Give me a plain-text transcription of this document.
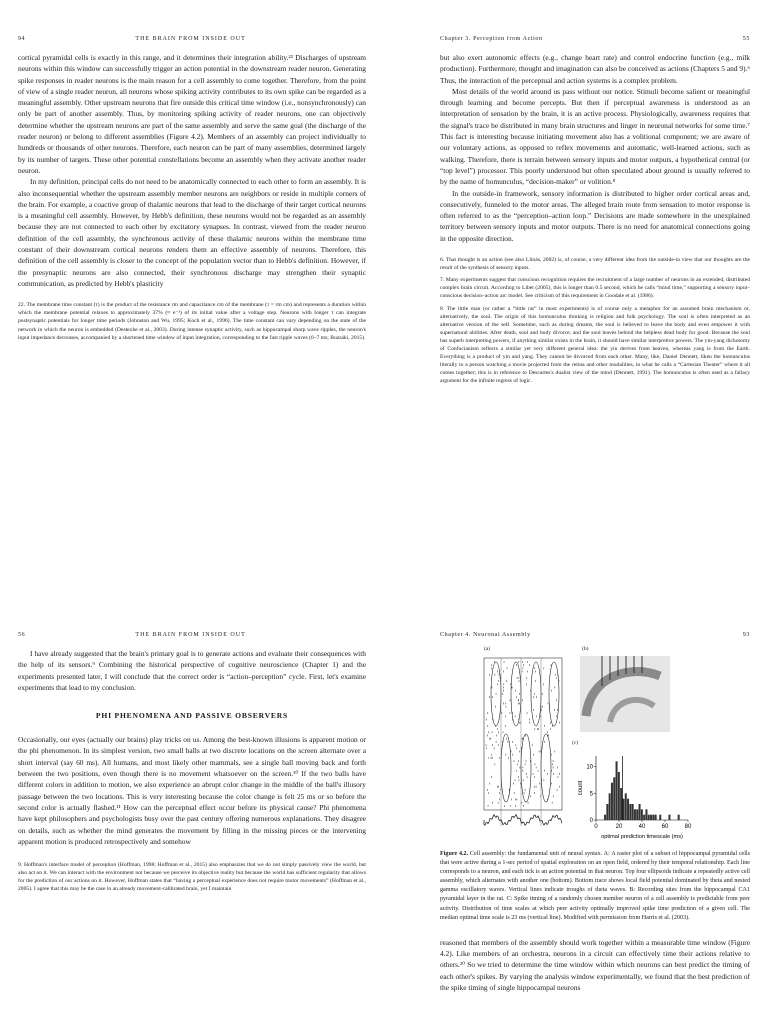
94	THE BRAIN FROM INSIDE OUT

cortical pyramidal cells is exactly in this range, and it determines their integration ability.²² Discharges of upstream neurons within this window can successfully trigger an action potential in the downstream reader neuron. Generating spike responses in reader neurons is the main reason for a cell assembly to come together. Therefore, from the point of view of a single reader neuron, all neurons whose spiking activity contributes to its own spike can be regarded as a meaningful assembly. Other upstream neurons that fire outside this critical time window (i.e., nonsynchronously) can only be part of another assembly. Thus, by monitoring spiking activity of reader neurons, one can objectively determine whether the upstream neurons are part of the same assembly and serve the same goal (the discharge of the reader neuron) or belong to different assemblies (Figure 4.2). Members of an assembly can project individually to hundreds or thousands of other neurons. Therefore, each neuron can be part of many assemblies, determined largely by its number of targets. These other potential constellations become an assembly when they activate another reader neuron.

In my definition, principal cells do not need to be anatomically connected to each other to form an assembly. It is also inconsequential whether the upstream assembly member neurons are neighbors or reside in multiple corners of the brain. For example, a coactive group of thalamic neurons that lead to the discharge of their target cortical neurons is a meaningful cell assembly. However, by Hebb's definition, these neurons would not be regarded as an assembly because they are not connected to each other by excitatory synapses. In contrast, viewed from the reader neuron definition of the cell assembly, the synchronous activity of these thalamic neurons within the membrane time constant of their downstream cortical neurons renders them an effective assembly of neurons. Therefore, this definition of the cell assembly is closer to the concept of the population vector than to Hebb's definition. However, if the presynaptic neurons are also connected, their synchronous discharge may strengthen their synaptic communication, as predicted by Hebb's plasticity

22. The membrane time constant (τ) is the product of the resistance rm and capacitance cm of the membrane (τ = rm cm) and represents a duration within which the membrane potential relaxes to approximately 37% (≈ e⁻¹) of its initial value after a voltage step. Neurons with longer τ can integrate postsynaptic potentials for longer time periods (Johnston and Wu, 1995; Koch et al., 1996). The time constant can vary depending on the state of the network in which the neuron is embedded (Destexhe et al., 2003). During intense synaptic activity, such as hippocampal sharp wave ripples, the neuron's input impedance decreases, accompanied by a shortened time window of input integration, corresponding to the fast ripple waves (6–7 ms; Buzsáki, 2015).

Chapter 3. Perception from Action	55

but also exert autonomic effects (e.g., change heart rate) and control endocrine function (e.g., milk production). Furthermore, thought and imagination can also be conceived as actions (Chapters 5 and 9).⁶ Thus, the interaction of the perceptual and action systems is a complex problem.

Most details of the world around us pass without our notice. Stimuli become salient or meaningful through learning and become percepts. But then if perceptual awareness is understood as an interpretation of sensation by the brain, it is an active process. Physiologically, awareness requires that the signal's trace be distributed in many brain structures and linger in neuronal networks for some time.⁷ This fact is interesting because initiating movement also has a volitional component; we are aware of our voluntary actions, as opposed to reflex movements and automatic, well-learned actions, such as walking. Therefore, there is terrain between sensory inputs and motor outputs, a hypothetical central (or “top level”) processor. This poorly understood but often speculated about ground is usually referred to by the name of homunculus, “decision-maker” or volition.⁸

In the outside-in framework, sensory information is distributed to higher order cortical areas and, consecutively, funneled to the motor areas. The alleged brain route from sensation to motor response is often referred to as the “perception–action loop.” Decisions are made somewhere in the unexplained territory between sensory inputs and motor outputs. There is no need for anatomical connections going in the opposite direction.

6. That thought is an action (see also Llinás, 2002) is, of course, a very different idea from the outside-in view that our thoughts are the result of the synthesis of sensory inputs.

7. Many experiments suggest that conscious recognition requires the recruitment of a large number of neurons in an extended, distributed complex brain circuit. According to Libet (2005), this is longer than 0.5 second, which he calls “mind time,” supporting a sensory input–conscious decision–action arc model. See criticism of this requirement in Goodale et al. (1986).

8. The little man (or rather a “little rat” in most experiments) is of course only a metaphor for an assumed brain mechanism or, alternatively, the soul. The origin of this homunculus thinking is religion and folk psychology. The soul is often interpreted as an alternative version of the self. Sometime, such as during dreams, the soul is believed to leave the body and even empower it with supernatural abilities. After death, soul and body divorce, and the soul leaves behind the helpless dead body for good. Because the soul has superb interpreting powers, if anything similar exists in the brain, it should have similar interpretive powers. The yin-yang dichotomy of Confucianism reflects a similar yet very different general idea: the yin derives from heaven, whereas yang is from the Earth. Everything is a product of yin and yang. They cannot be divorced from each other. Many, like, Daniel Dennett, liken the homunculus literally to a person watching a movie projected from the retina and other modalities, in what he calls a “Cartesian Theater” where it all comes together; this is in reference to Descartes's dualist view of the mind (Dennett, 1991). The homunculus is often used as a fallacy argument for the infinite regress of logic.

56	THE BRAIN FROM INSIDE OUT

I have already suggested that the brain's primary goal is to generate actions and evaluate their consequences with the help of its sensors.⁹ Combining the historical perspective of cognitive neuroscience (Chapter 1) and the experiments presented later, I will conclude that the correct order is “action–perception” cycle. First, let's examine experiments that lead to my conclusion.

PHI PHENOMENA AND PASSIVE OBSERVERS

Occasionally, our eyes (actually our brains) play tricks on us. Among the best-known illusions is apparent motion or the phi phenomenon. In its simplest version, two small balls at two discrete locations on the screen alternate over a short interval (say 60 ms). All humans, and most likely other mammals, see a single ball moving back and forth between the two positions, even though there is no movement whatsoever on the screen.¹⁰ If the two balls have different colors in addition to motion, we also experience an abrupt color change in the middle of the ball's illusory passage between the two locations. This is very interesting because the color change is felt 25 ms or so before the second color is actually flashed.¹¹ How can the perceptual effect occur before its physical cause? Phi phenomena have kept philosophers and psychologists busy over the past century offering numerous explanations. They disagree on details, such as whether the mind generates the movement by filling in the missing pieces or the intervening apparent motion is produced retrospectively and somehow

9. Hoffman's interface model of perception (Hoffman, 1998; Hoffman et al., 2015) also emphasizes that we do not simply passively view the world, but also act on it. We can interact with the environment not because we perceive its objective reality but because the world has sufficient regularity that allows for the prediction of our actions on it. However, Hoffman states that “having a perceptual experience does not require motor movements” (Hoffman et al., 2005). I agree that this may be the case in an already movement-calibrated brain, yet I maintain

Chapter 4. Neuronal Assembly	93
(a)	(b)
(c)
count
0	20	40	60	80
0
5
10
optimal prediction timescale (ms)
Figure 4.2. Cell assembly: the fundamental unit of neural syntax. A: A raster plot of a subset of hippocampal pyramidal cells that were active during a 1-sec period of spatial exploration on an open field, ordered by their temporal relationship. Each line corresponds to a neuron, and each tick is an action potential in that neuron. Top four ellipsoids indicate a repeatedly active cell assembly, which alternates with another one (bottom). Bottom trace shows local field potential dominated by theta and nested gamma oscillatory waves. Vertical lines indicate troughs of theta waves. B: Recording sites from the hippocampal CA1 pyramidal layer in the rat. C: Spike timing of a randomly chosen member neuron of a cell assembly is predictable from peer activity. Distribution of time scales at which peer activity optimally improved spike time prediction of a given cell. The median optimal time scale is 23 ms (vertical line). Modified with permission from Harris et al. (2003).

reasoned that members of the assembly should work together within a measurable time window (Figure 4.2). Like members of an orchestra, neurons in a circuit can effectively time their actions relative to others.²⁰ So we tried to determine the time window within which neurons can best predict the timing of each other's spikes. By varying the analysis window experimentally, we found that the best prediction of the spike timing of single hippocampal neurons
